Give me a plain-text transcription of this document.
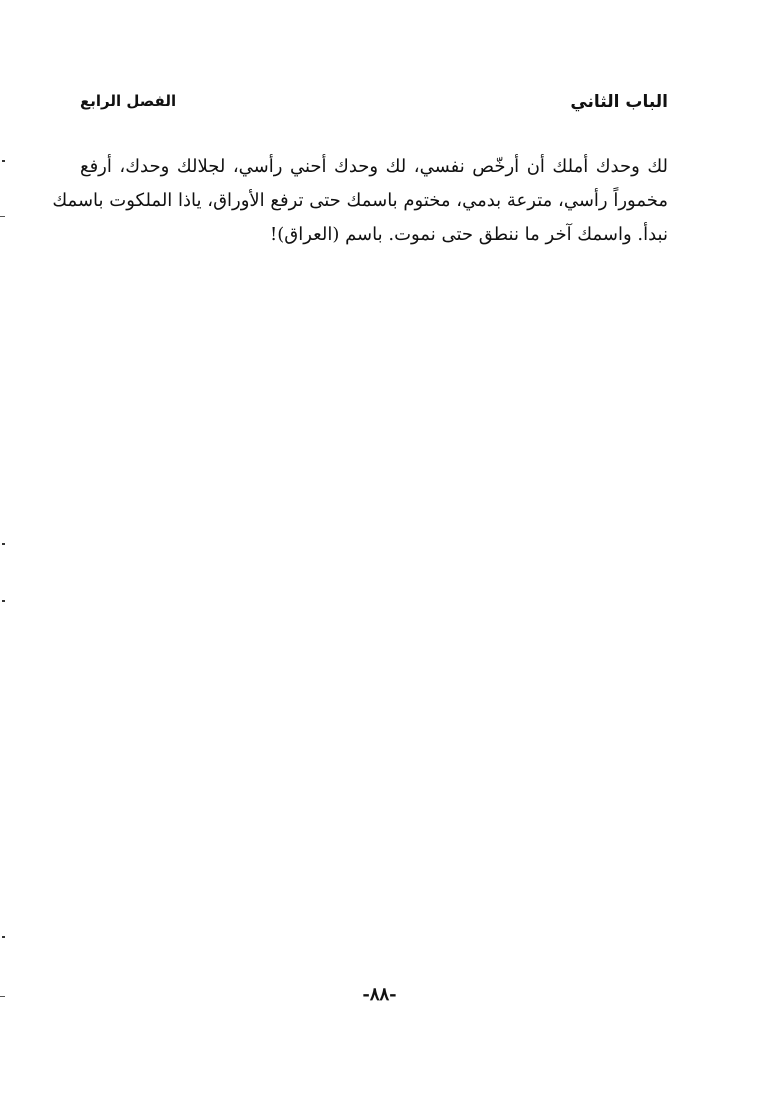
الباب الثاني
الفصل الرابع
لك وحدك أملك أن أرخّص نفسي، لك وحدك أحني رأسي، لجلالك وحدك، أرفع
مخموراً رأسي، مترعة بدمي، مختوم باسمك حتى ترفع الأوراق، ياذا الملكوت باسمك
نبدأ. واسمك آخر ما ننطق حتى نموت. باسم (العراق)!
-٨٨-
